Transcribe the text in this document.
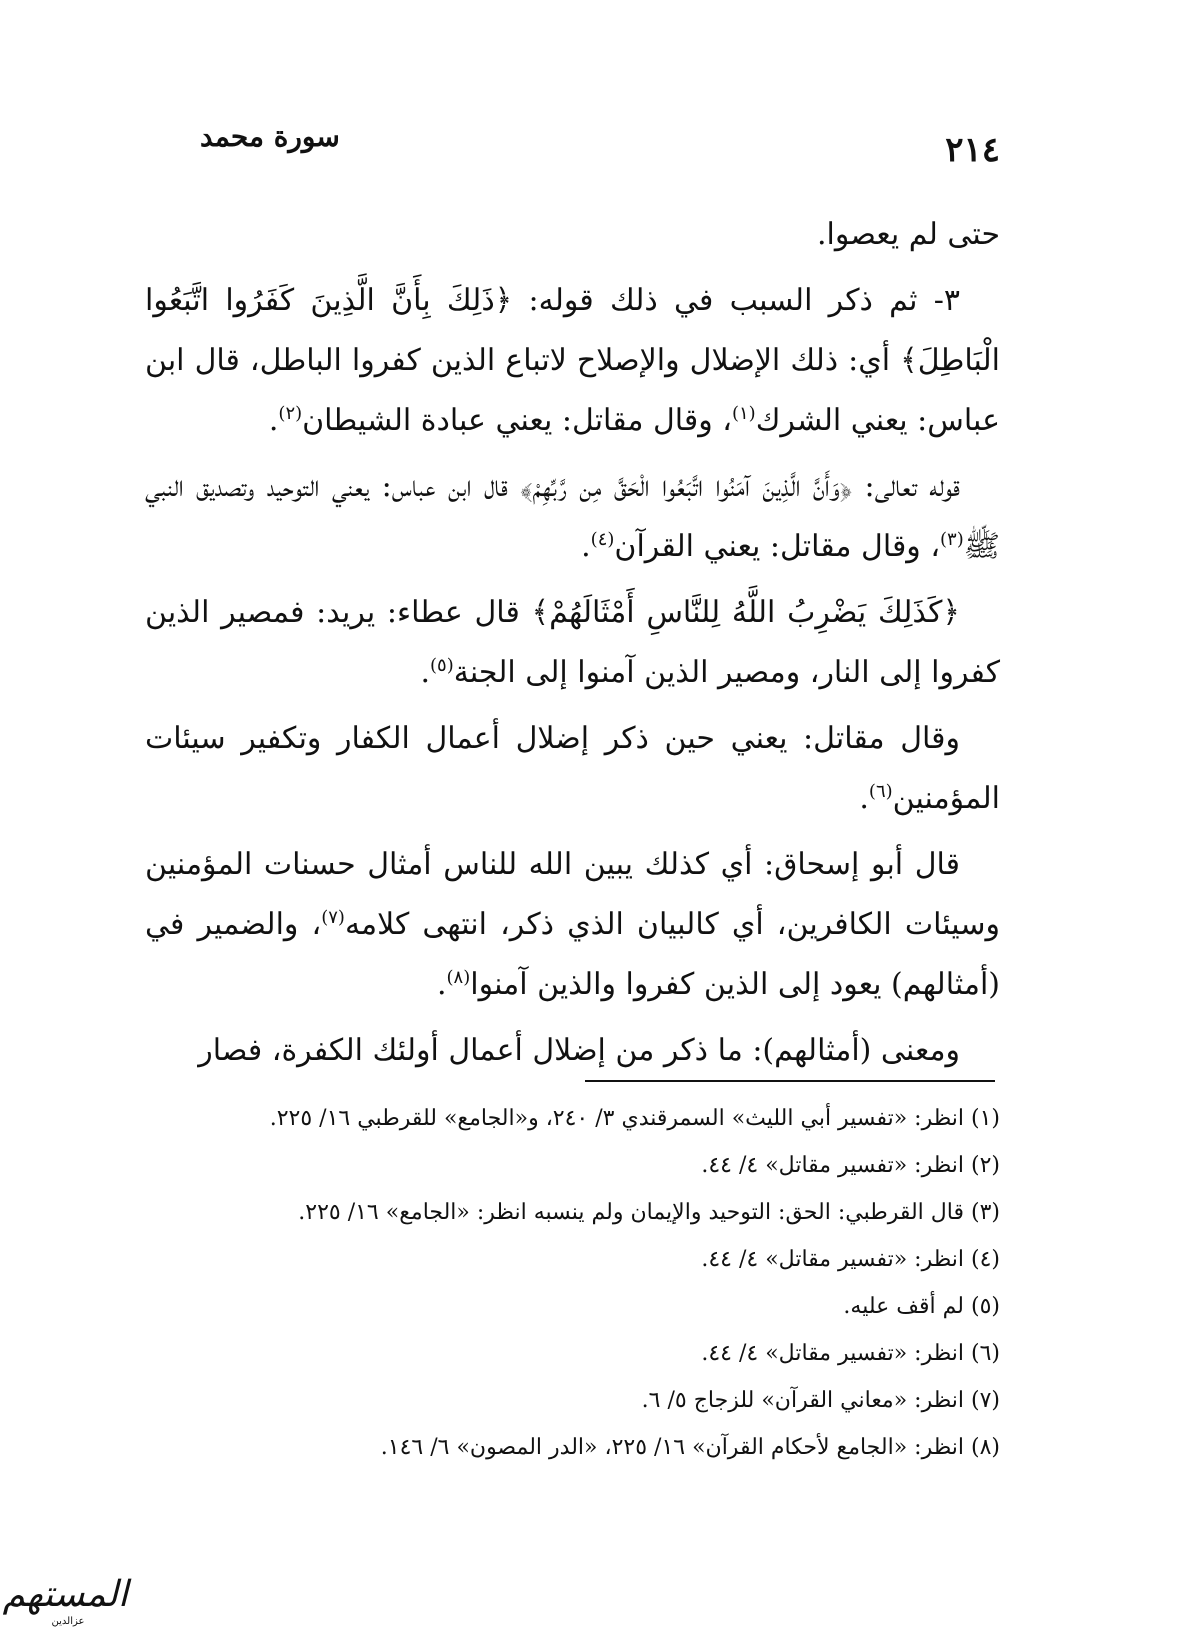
٢١٤
سورة محمد

حتى لم يعصوا.

٣- ثم ذكر السبب في ذلك قوله: ﴿ذَلِكَ بِأَنَّ الَّذِينَ كَفَرُوا اتَّبَعُوا الْبَاطِلَ﴾ أي: ذلك الإضلال والإصلاح لاتباع الذين كفروا الباطل، قال ابن عباس: يعني الشرك$^{(١)}$، وقال مقاتل: يعني عبادة الشيطان$^{(٢)}$.

قوله تعالى: ﴿وَأَنَّ الَّذِينَ آمَنُوا اتَّبَعُوا الْحَقَّ مِن رَّبِّهِمْ﴾ قال ابن عباس: يعني التوحيد وتصديق النبي ﷺ$^{(٣)}$، وقال مقاتل: يعني القرآن$^{(٤)}$.

﴿كَذَلِكَ يَضْرِبُ اللَّهُ لِلنَّاسِ أَمْثَالَهُمْ﴾ قال عطاء: يريد: فمصير الذين كفروا إلى النار، ومصير الذين آمنوا إلى الجنة$^{(٥)}$.

وقال مقاتل: يعني حين ذكر إضلال أعمال الكفار وتكفير سيئات المؤمنين$^{(٦)}$.

قال أبو إسحاق: أي كذلك يبين الله للناس أمثال حسنات المؤمنين وسيئات الكافرين، أي كالبيان الذي ذكر، انتهى كلامه$^{(٧)}$، والضمير في (أمثالهم) يعود إلى الذين كفروا والذين آمنوا$^{(٨)}$.

ومعنى (أمثالهم): ما ذكر من إضلال أعمال أولئك الكفرة، فصار

(١) انظر: «تفسير أبي الليث» السمرقندي ٣/ ٢٤٠، و«الجامع» للقرطبي ١٦/ ٢٢٥.
(٢) انظر: «تفسير مقاتل» ٤/ ٤٤.
(٣) قال القرطبي: الحق: التوحيد والإيمان ولم ينسبه انظر: «الجامع» ١٦/ ٢٢٥.
(٤) انظر: «تفسير مقاتل» ٤/ ٤٤.
(٥) لم أقف عليه.
(٦) انظر: «تفسير مقاتل» ٤/ ٤٤.
(٧) انظر: «معاني القرآن» للزجاج ٥/ ٦.
(٨) انظر: «الجامع لأحكام القرآن» ١٦/ ٢٢٥، «الدر المصون» ٦/ ١٤٦.
المستهم
عزالدين
